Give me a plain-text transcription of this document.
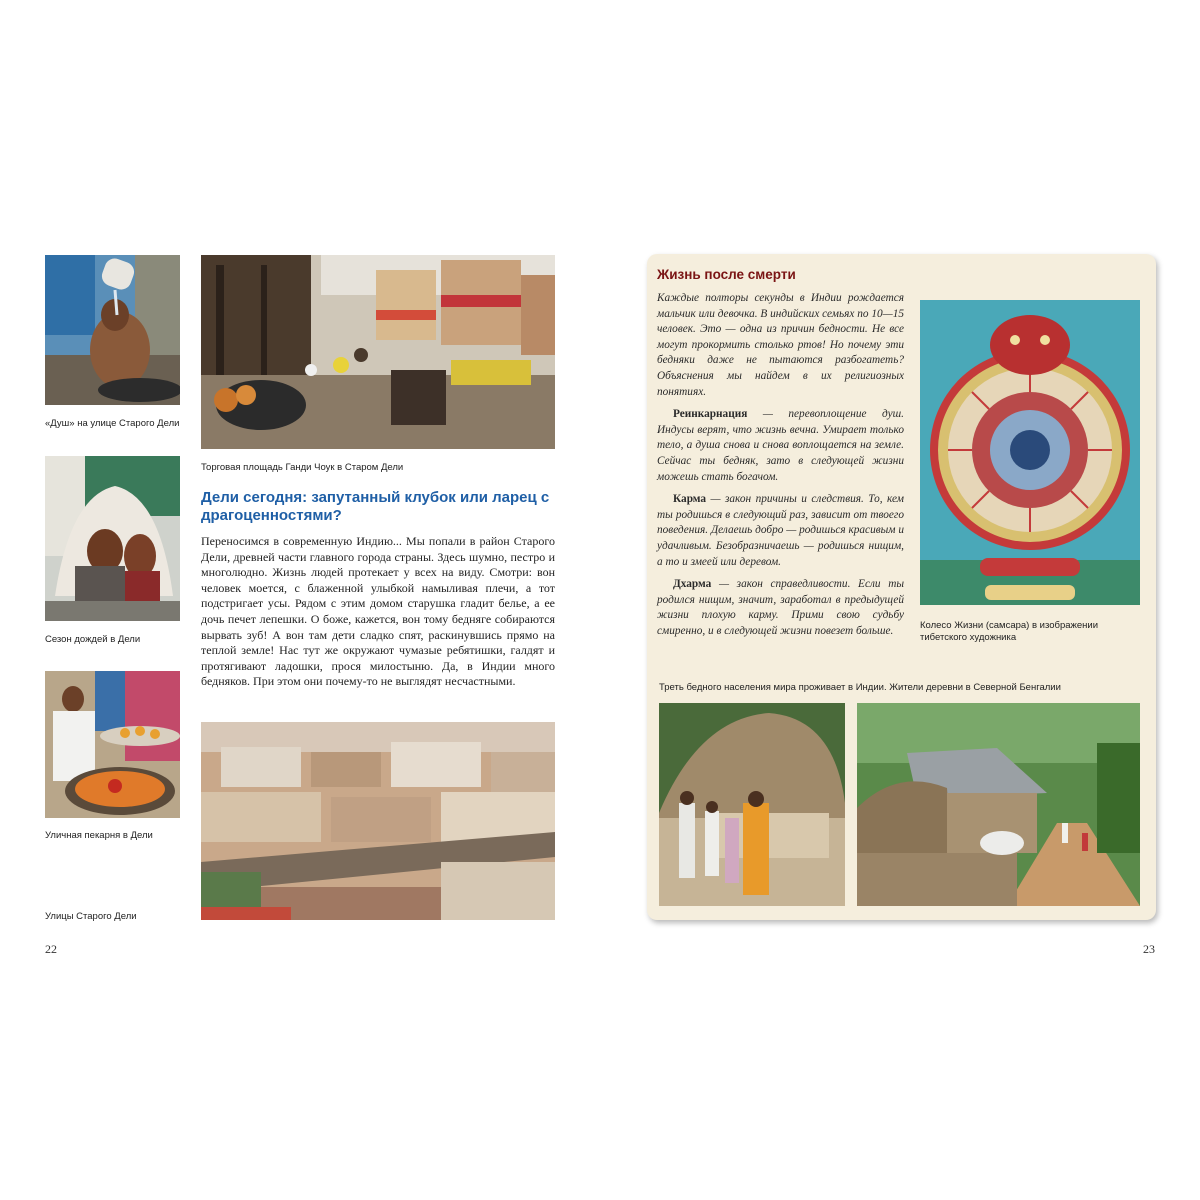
«Душ» на улице Старого Дели
Торговая площадь Ганди Чоук в Старом Дели
Дели сегодня: запутанный клубок или ларец с драгоценностями?

Переносимся в современную Индию... Мы попали в район Старого Дели, древней части главного города страны. Здесь шумно, пестро и многолюдно. Жизнь людей протекает у всех на виду. Смотри: вон человек моется, с блаженной улыбкой намыливая плечи, а тот подстригает усы. Рядом с этим домом старушка гладит белье, а ее дочь печет лепешки. О боже, кажется, вон тому бедняге собираются вырвать зуб! А вон там дети сладко спят, раскинувшись прямо на теплой земле! Нас тут же окружают чумазые ребятишки, галдят и протягивают ладошки, прося милостыню. Да, в Индии много бедняков. При этом они почему-то не выглядят несчастными.

Сезон дождей в Дели
Уличная пекарня в Дели
Улицы Старого Дели
22
Жизнь после смерти

Каждые полторы секунды в Индии рождается мальчик или девочка. В индийских семьях по 10—15 человек. Это — одна из причин бедности. Не все могут прокормить столько ртов! Но почему эти бедняки даже не пытаются разбогатеть? Объяснения мы найдем в их религиозных понятиях.

Реинкарнация — перевоплощение душ. Индусы верят, что жизнь вечна. Умирает только тело, а душа снова и снова воплощается на земле. Сейчас ты бедняк, зато в следующей жизни можешь стать богачом.

Карма — закон причины и следствия. То, кем ты родишься в следующий раз, зависит от твоего поведения. Делаешь добро — родишься красивым и удачливым. Безобразничаешь — родишься нищим, а то и змеей или деревом.

Дхарма — закон справедливости. Если ты родился нищим, значит, заработал в предыдущей жизни плохую карму. Прими свою судьбу смиренно, и в следующей жизни повезет больше.	Колесо Жизни (самсара) в изображении тибетского художника
Треть бедного населения мира проживает в Индии. Жители деревни в Северной Бенгалии
23
